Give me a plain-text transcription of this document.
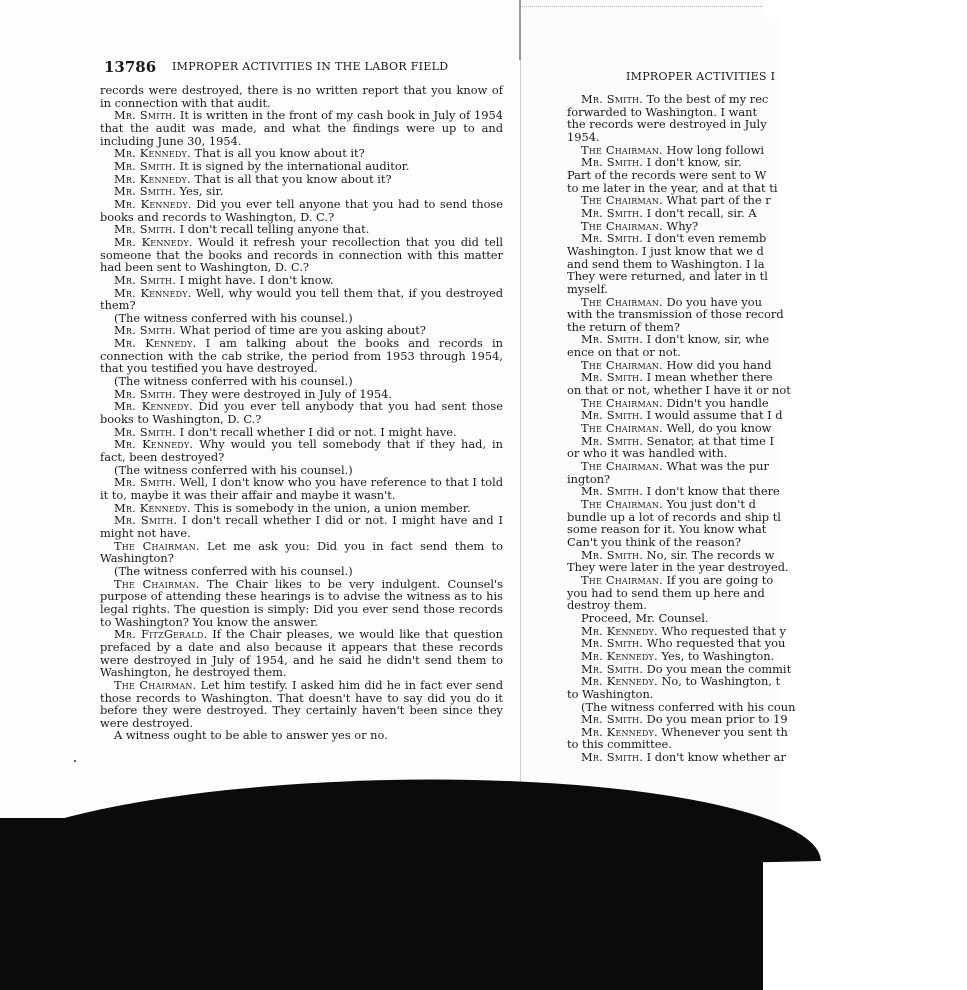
13786 IMPROPER ACTIVITIES IN THE LABOR FIELD

records were destroyed, there is no written report that you know of in connection with that audit.

Mr. Smith. It is written in the front of my cash book in July of 1954 that the audit was made, and what the findings were up to and including June 30, 1954.

Mr. Kennedy. That is all you know about it?

Mr. Smith. It is signed by the international auditor.

Mr. Kennedy. That is all that you know about it?

Mr. Smith. Yes, sir.

Mr. Kennedy. Did you ever tell anyone that you had to send those books and records to Washington, D. C.?

Mr. Smith. I don't recall telling anyone that.

Mr. Kennedy. Would it refresh your recollection that you did tell someone that the books and records in connection with this matter had been sent to Washington, D. C.?

Mr. Smith. I might have. I don't know.

Mr. Kennedy. Well, why would you tell them that, if you destroyed them?

(The witness conferred with his counsel.)

Mr. Smith. What period of time are you asking about?

Mr. Kennedy. I am talking about the books and records in connection with the cab strike, the period from 1953 through 1954, that you testified you have destroyed.

(The witness conferred with his counsel.)

Mr. Smith. They were destroyed in July of 1954.

Mr. Kennedy. Did you ever tell anybody that you had sent those books to Washington, D. C.?

Mr. Smith. I don't recall whether I did or not. I might have.

Mr. Kennedy. Why would you tell somebody that if they had, in fact, been destroyed?

(The witness conferred with his counsel.)

Mr. Smith. Well, I don't know who you have reference to that I told it to, maybe it was their affair and maybe it wasn't.

Mr. Kennedy. This is somebody in the union, a union member.

Mr. Smith. I don't recall whether I did or not. I might have and I might not have.

The Chairman. Let me ask you: Did you in fact send them to Washington?

(The witness conferred with his counsel.)

The Chairman. The Chair likes to be very indulgent. Counsel's purpose of attending these hearings is to advise the witness as to his legal rights. The question is simply: Did you ever send those records to Washington? You know the answer.

Mr. FitzGerald. If the Chair pleases, we would like that question prefaced by a date and also because it appears that these records were destroyed in July of 1954, and he said he didn't send them to Washington, he destroyed them.

The Chairman. Let him testify. I asked him did he in fact ever send those records to Washington. That doesn't have to say did you do it before they were destroyed. They certainly haven't been since they were destroyed.

A witness ought to be able to answer yes or no.

IMPROPER ACTIVITIES I
Mr. Smith. To the best of my rec
forwarded to Washington. I want
the records were destroyed in July
1954.
The Chairman. How long followi
Mr. Smith. I don't know, sir.
Part of the records were sent to W
to me later in the year, and at that ti
The Chairman. What part of the r
Mr. Smith. I don't recall, sir. A
The Chairman. Why?
Mr. Smith. I don't even rememb
Washington. I just know that we d
and send them to Washington. I la
They were returned, and later in tl
myself.
The Chairman. Do you have you
with the transmission of those record
the return of them?
Mr. Smith. I don't know, sir, whe
ence on that or not.
The Chairman. How did you hand
Mr. Smith. I mean whether there
on that or not, whether I have it or not
The Chairman. Didn't you handle
Mr. Smith. I would assume that I d
The Chairman. Well, do you know
Mr. Smith. Senator, at that time I
or who it was handled with.
The Chairman. What was the pur
ington?
Mr. Smith. I don't know that there
The Chairman. You just don't d
bundle up a lot of records and ship tl
some reason for it. You know what
Can't you think of the reason?
Mr. Smith. No, sir. The records w
They were later in the year destroyed.
The Chairman. If you are going to
you had to send them up here and
destroy them.
Proceed, Mr. Counsel.
Mr. Kennedy. Who requested that y
Mr. Smith. Who requested that you
Mr. Kennedy. Yes, to Washington.
Mr. Smith. Do you mean the commit
Mr. Kennedy. No, to Washington, t
to Washington.
(The witness conferred with his coun
Mr. Smith. Do you mean prior to 19
Mr. Kennedy. Whenever you sent th
to this committee.
Mr. Smith. I don't know whether ar
